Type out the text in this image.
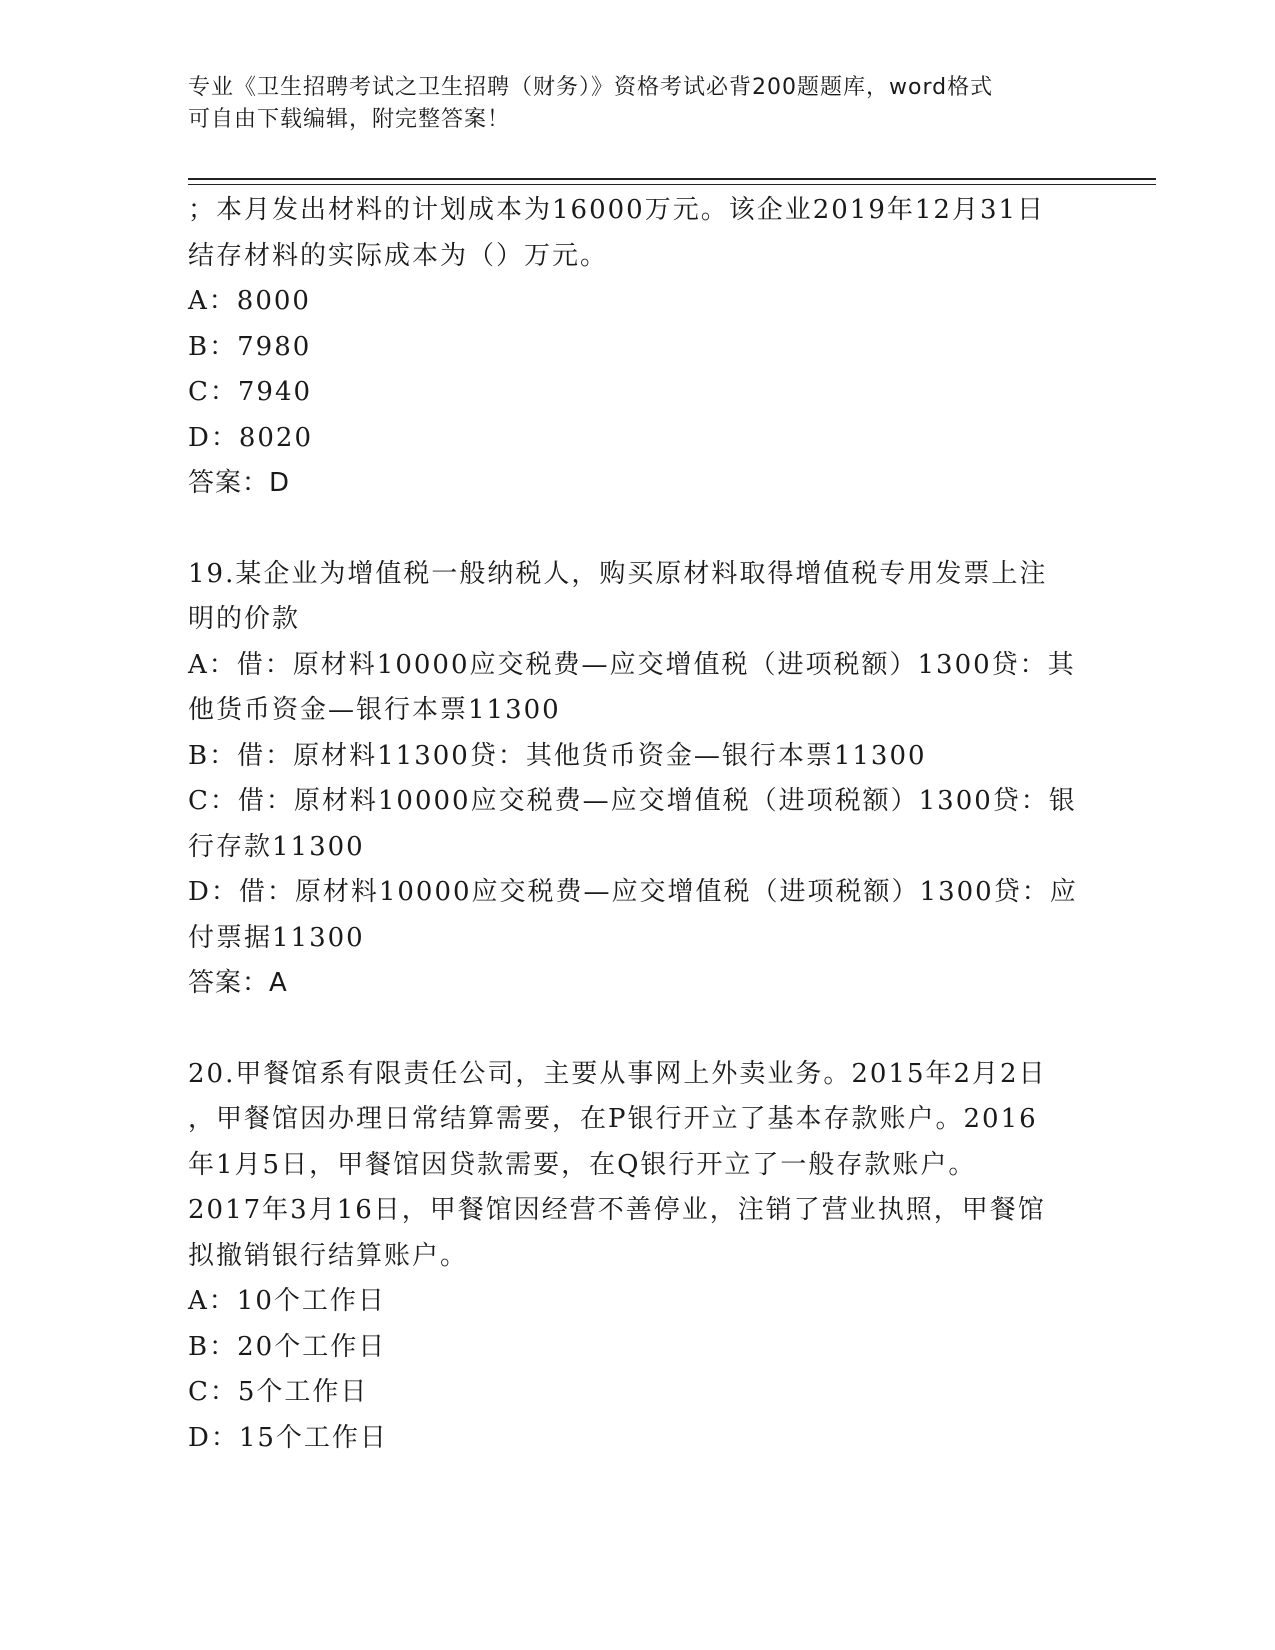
专业《卫生招聘考试之卫生招聘（财务）》资格考试必背200题题库，word格式
可自由下载编辑，附完整答案！
；本月发出材料的计划成本为16000万元。该企业2019年12月31日
结存材料的实际成本为（）万元。
A：8000
B：7980
C：7940
D：8020
答案：D
19.某企业为增值税一般纳税人，购买原材料取得增值税专用发票上注
明的价款
A：借：原材料10000应交税费—应交增值税（进项税额）1300贷：其
他货币资金—银行本票11300
B：借：原材料11300贷：其他货币资金—银行本票11300
C：借：原材料10000应交税费—应交增值税（进项税额）1300贷：银
行存款11300
D：借：原材料10000应交税费—应交增值税（进项税额）1300贷：应
付票据11300
答案：A
20.甲餐馆系有限责任公司，主要从事网上外卖业务。2015年2月2日
，甲餐馆因办理日常结算需要，在P银行开立了基本存款账户。2016
年1月5日，甲餐馆因贷款需要，在Q银行开立了一般存款账户。
2017年3月16日，甲餐馆因经营不善停业，注销了营业执照，甲餐馆
拟撤销银行结算账户。
A：10个工作日
B：20个工作日
C：5个工作日
D：15个工作日
